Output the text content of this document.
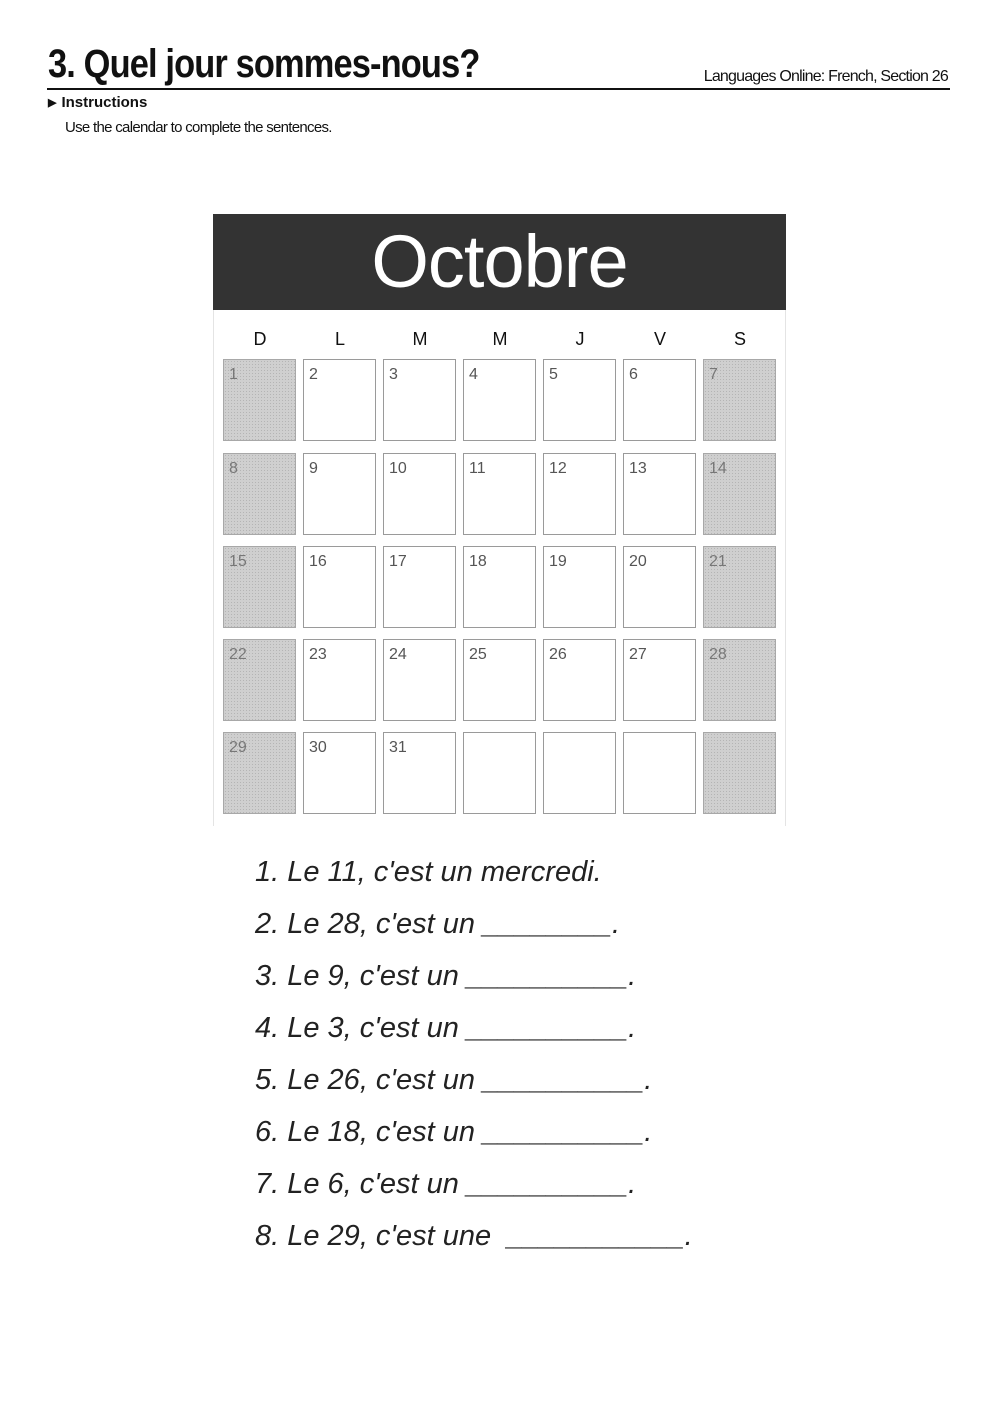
3. Quel jour sommes-nous?	Languages Online: French, Section 26
▶ Instructions
Use the calendar to complete the sentences.
Octobre
D	L	M	M	J	V	S
1	2	3	4	5	6	7
8	9	10	11	12	13	14
15	16	17	18	19	20	21
22	23	24	25	26	27	28
29	30	31
1. Le 11, c'est un mercredi.
2. Le 28, c'est un ________.
3. Le 9, c'est un __________.
4. Le 3, c'est un __________.
5. Le 26, c'est un __________.
6. Le 18, c'est un __________.
7. Le 6, c'est un __________.
8. Le 29, c'est une  ___________.
